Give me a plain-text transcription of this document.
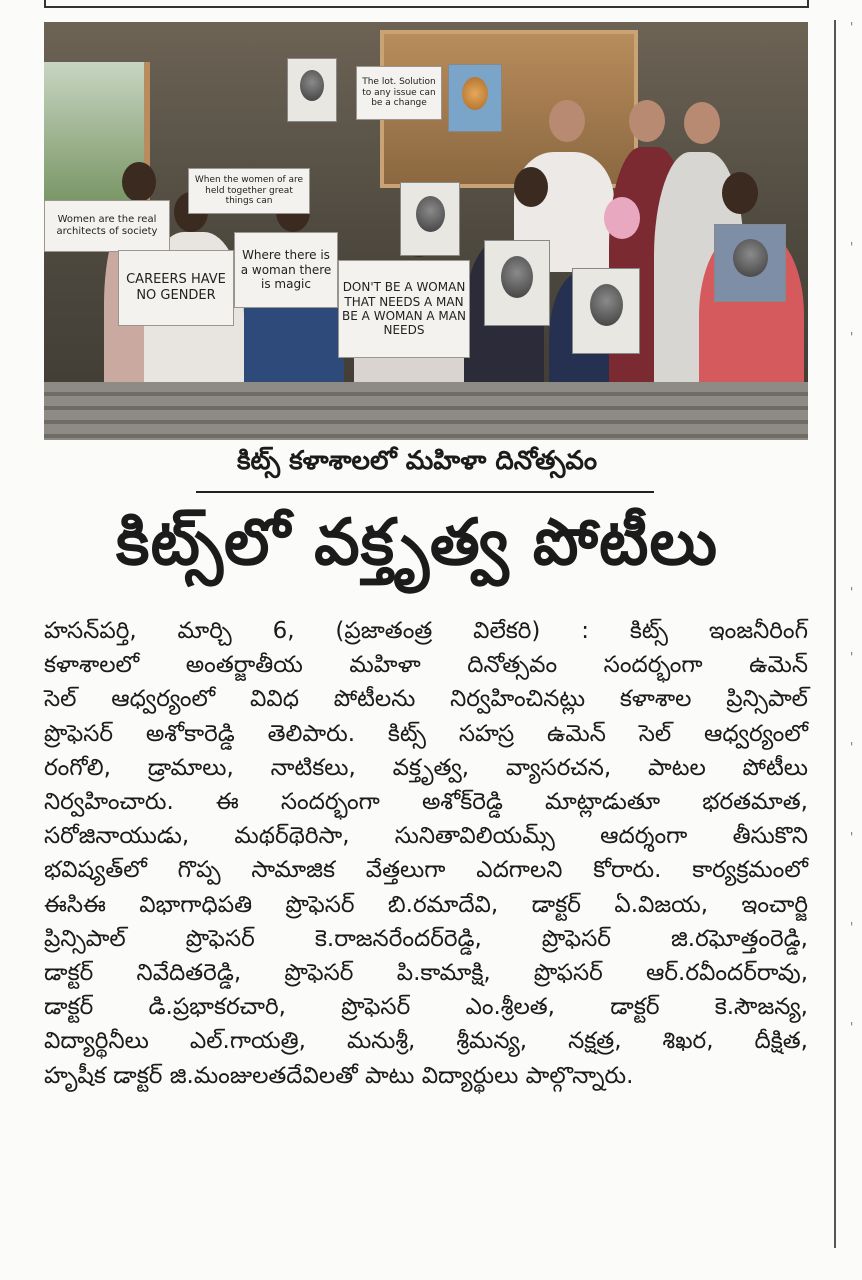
'
'
'
'
'
'
'
'
'
The lot. Solution to any issue can be a change
When the women of are held together great things can
Women are the real architects of society
CAREERS HAVE NO GENDER
Where there is a woman there is magic	DON'T BE A WOMAN THAT NEEDS A MAN BE A WOMAN A MAN NEEDS
కిట్స్ కళాశాలలో మహిళా దినోత్సవం
కిట్స్‌లో వక్తృత్వ పోటీలు
హసన్‌పర్తి, మార్చి 6, (ప్రజాతంత్ర విలేకరి) : కిట్స్ ఇంజనీరింగ్
కళాశాలలో అంతర్జాతీయ మహిళా దినోత్సవం సందర్భంగా ఉమెన్
సెల్ ఆధ్వర్యంలో వివిధ పోటీలను నిర్వహించినట్లు కళాశాల ప్రిన్సిపాల్
ప్రొఫెసర్ అశోకారెడ్డి తెలిపారు. కిట్స్ సహస్ర ఉమెన్ సెల్ ఆధ్వర్యంలో
రంగోలి, డ్రామాలు, నాటికలు, వక్తృత్వ, వ్యాసరచన, పాటల పోటీలు
నిర్వహించారు. ఈ సందర్భంగా అశోక్‌రెడ్డి మాట్లాడుతూ భరతమాత,
సరోజినాయుడు, మథర్‌థెరిసా, సునితావిలియమ్స్ ఆదర్శంగా తీసుకొని
భవిష్యత్‌లో గొప్ప సామాజిక వేత్తలుగా ఎదగాలని కోరారు. కార్యక్రమంలో
ఈసిఈ విభాగాధిపతి ప్రొఫెసర్ బి.రమాదేవి, డాక్టర్ ఏ.విజయ, ఇంచార్జి
ప్రిన్సిపాల్ ప్రొఫెసర్ కె.రాజనరేందర్‌రెడ్డి, ప్రొఫెసర్ జి.రఘోత్తంరెడ్డి,
డాక్టర్ నివేదితరెడ్డి, ప్రొఫెసర్ పి.కామాక్షి, ప్రొఫసర్ ఆర్.రవీందర్‌రావు,
డాక్టర్ డి.ప్రభాకరచారి, ప్రొఫెసర్ ఎం.శ్రీలత, డాక్టర్ కె.సౌజన్య,
విద్యార్థినీలు ఎల్.గాయత్రి, మనుశ్రీ, శ్రీమన్య, నక్షత్ర, శిఖర, దీక్షిత,
హృషీక డాక్టర్ జి.మంజులతదేవిలతో పాటు విద్యార్థులు పాల్గొన్నారు.
